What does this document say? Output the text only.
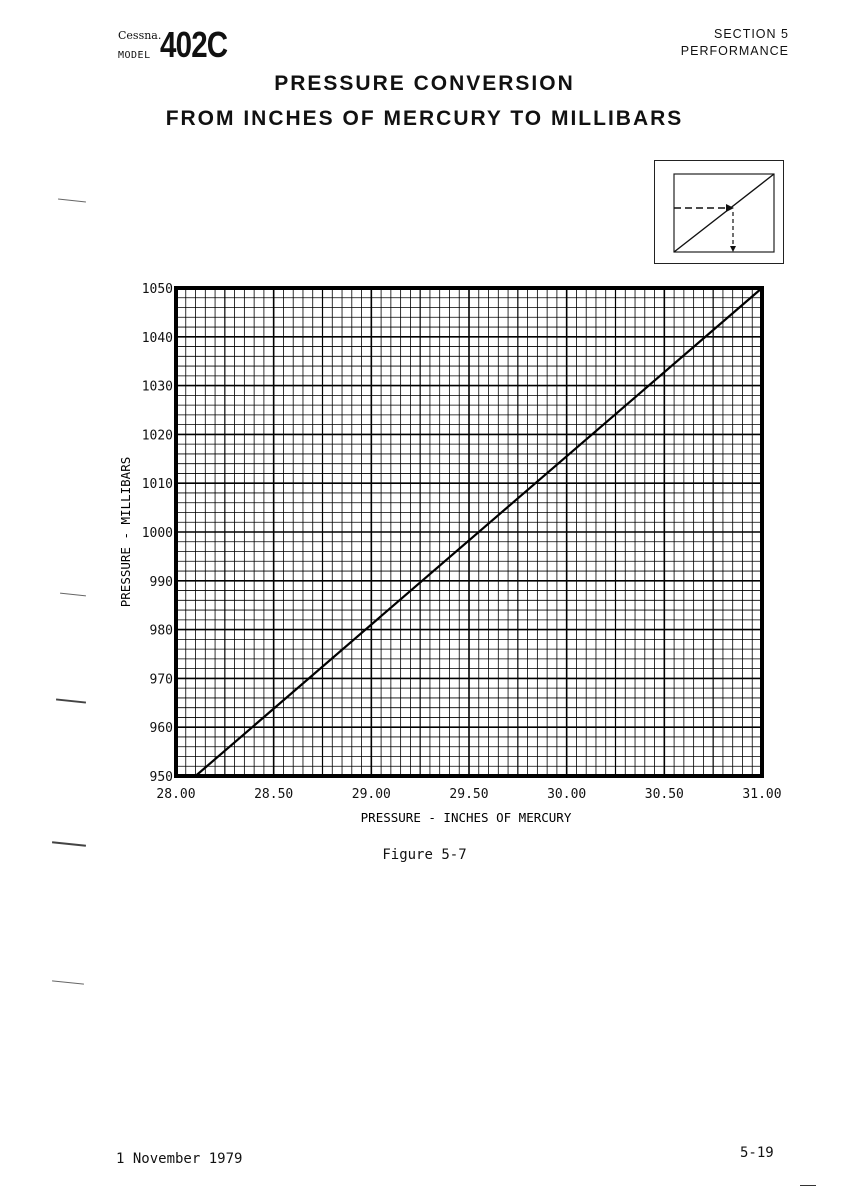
Cessna.
MODEL 402C	SECTION 5
PERFORMANCE
PRESSURE CONVERSION
FROM INCHES OF MERCURY TO MILLIBARS
950
960
970
980
990
1000
1010
1020
1030
1040
1050
28.00	28.50	29.00	29.50	30.00	30.50	31.00
PRESSURE - INCHES OF MERCURY
PRESSURE - MILLIBARS
Figure 5-7
1 November 1979	5-19
